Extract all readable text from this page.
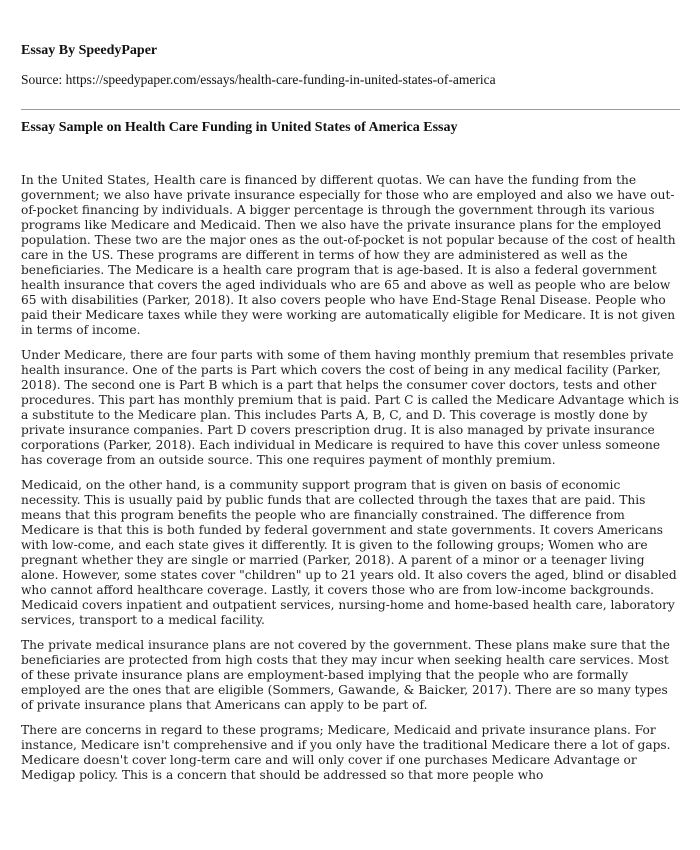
Essay By SpeedyPaper

Source: https://speedypaper.com/essays/health-care-funding-in-united-states-of-america

Essay Sample on Health Care Funding in United States of America Essay

In the United States, Health care is financed by different quotas. We can have the funding from the government; we also have private insurance especially for those who are employed and also we have out-of-pocket financing by individuals. A bigger percentage is through the government through its various programs like Medicare and Medicaid. Then we also have the private insurance plans for the employed population. These two are the major ones as the out-of-pocket is not popular because of the cost of health care in the US. These programs are different in terms of how they are administered as well as the beneficiaries. The Medicare is a health care program that is age-based. It is also a federal government health insurance that covers the aged individuals who are 65 and above as well as people who are below 65 with disabilities (Parker, 2018). It also covers people who have End-Stage Renal Disease. People who paid their Medicare taxes while they were working are automatically eligible for Medicare. It is not given in terms of income.

Under Medicare, there are four parts with some of them having monthly premium that resembles private health insurance. One of the parts is Part which covers the cost of being in any medical facility (Parker, 2018). The second one is Part B which is a part that helps the consumer cover doctors, tests and other procedures. This part has monthly premium that is paid. Part C is called the Medicare Advantage which is a substitute to the Medicare plan. This includes Parts A, B, C, and D. This coverage is mostly done by private insurance companies. Part D covers prescription drug. It is also managed by private insurance corporations (Parker, 2018). Each individual in Medicare is required to have this cover unless someone has coverage from an outside source. This one requires payment of monthly premium.

Medicaid, on the other hand, is a community support program that is given on basis of economic necessity. This is usually paid by public funds that are collected through the taxes that are paid. This means that this program benefits the people who are financially constrained. The difference from Medicare is that this is both funded by federal government and state governments. It covers Americans with low-come, and each state gives it differently. It is given to the following groups; Women who are pregnant whether they are single or married (Parker, 2018). A parent of a minor or a teenager living alone. However, some states cover "children" up to 21 years old. It also covers the aged, blind or disabled who cannot afford healthcare coverage. Lastly, it covers those who are from low-income backgrounds. Medicaid covers inpatient and outpatient services, nursing-home and home-based health care, laboratory services, transport to a medical facility.

The private medical insurance plans are not covered by the government. These plans make sure that the beneficiaries are protected from high costs that they may incur when seeking health care services. Most of these private insurance plans are employment-based implying that the people who are formally employed are the ones that are eligible (Sommers, Gawande, & Baicker, 2017). There are so many types of private insurance plans that Americans can apply to be part of.

There are concerns in regard to these programs; Medicare, Medicaid and private insurance plans. For instance, Medicare isn't comprehensive and if you only have the traditional Medicare there a lot of gaps. Medicare doesn't cover long-term care and will only cover if one purchases Medicare Advantage or Medigap policy. This is a concern that should be addressed so that more people who
